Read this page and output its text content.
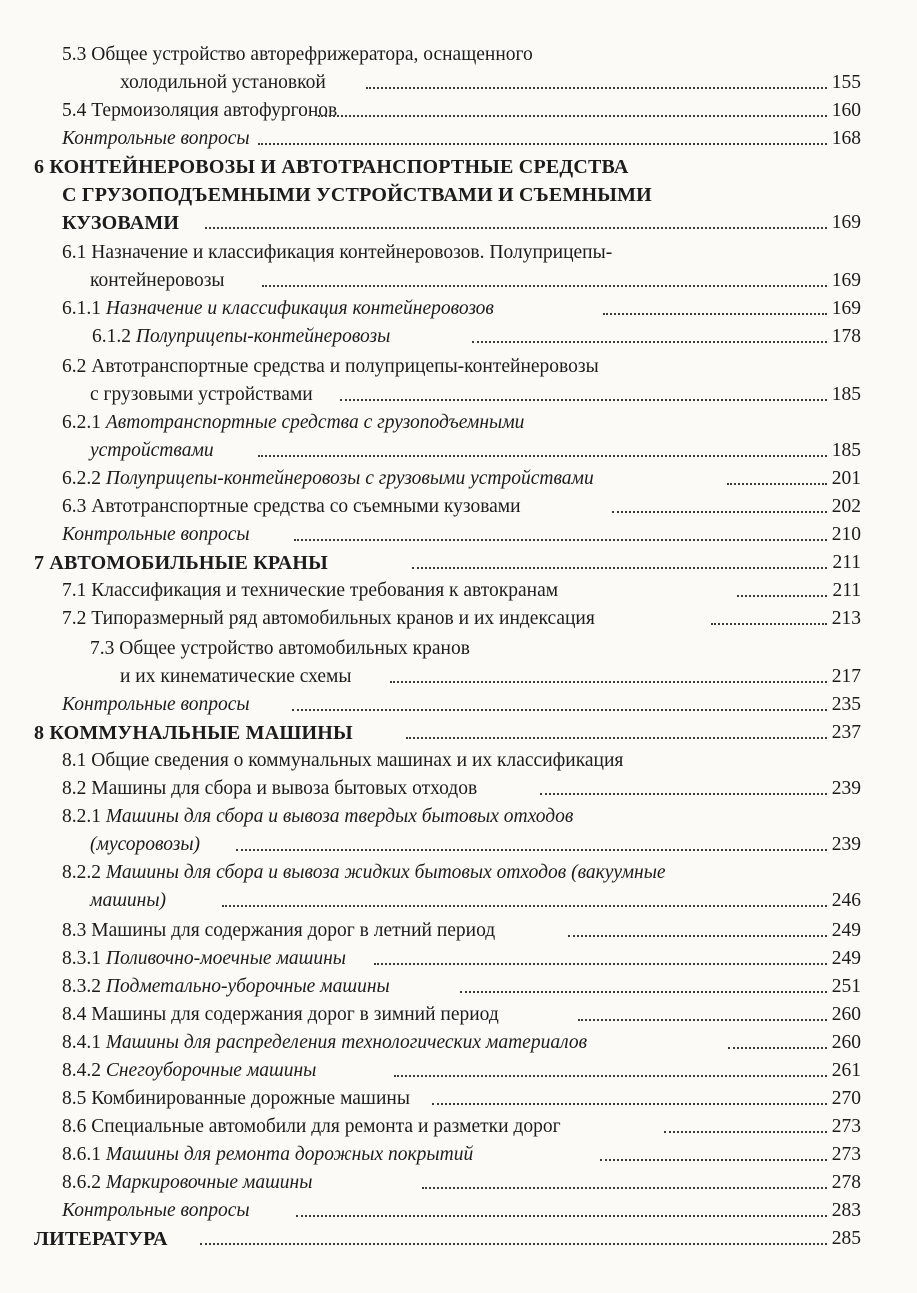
5.3 Общее устройство авторефрижератора, оснащенного
холодильной установкой	155
5.4 Термоизоляция автофургонов	160
Контрольные вопросы	168
6 КОНТЕЙНЕРОВОЗЫ И АВТОТРАНСПОРТНЫЕ СРЕДСТВА
С ГРУЗОПОДЪЕМНЫМИ УСТРОЙСТВАМИ И СЪЕМНЫМИ
КУЗОВАМИ	169
6.1 Назначение и классификация контейнеровозов. Полуприцепы-
контейнеровозы	169
6.1.1 Назначение и классификация контейнеровозов	169
6.1.2 Полуприцепы-контейнеровозы	178
6.2 Автотранспортные средства и полуприцепы-контейнеровозы
с грузовыми устройствами	185
6.2.1 Автотранспортные средства с грузоподъемными
устройствами	185
6.2.2 Полуприцепы-контейнеровозы с грузовыми устройствами	201
6.3 Автотранспортные средства со съемными кузовами	202
Контрольные вопросы	210
7 АВТОМОБИЛЬНЫЕ КРАНЫ	211
7.1 Классификация и технические требования к автокранам	211
7.2 Типоразмерный ряд автомобильных кранов и их индексация	213
7.3 Общее устройство автомобильных кранов
и их кинематические схемы	217
Контрольные вопросы	235
8 КОММУНАЛЬНЫЕ МАШИНЫ	237
8.1 Общие сведения о коммунальных машинах и их классификация
8.2 Машины для сбора и вывоза бытовых отходов	239
8.2.1 Машины для сбора и вывоза твердых бытовых отходов
(мусоровозы)	239
8.2.2 Машины для сбора и вывоза жидких бытовых отходов (вакуумные
машины)	246
8.3 Машины для содержания дорог в летний период	249
8.3.1 Поливочно-моечные машины	249
8.3.2 Подметально-уборочные машины	251
8.4 Машины для содержания дорог в зимний период	260
8.4.1 Машины для распределения технологических материалов	260
8.4.2 Снегоуборочные машины	261
8.5 Комбинированные дорожные машины	270
8.6 Специальные автомобили для ремонта и разметки дорог	273
8.6.1 Машины для ремонта дорожных покрытий	273
8.6.2 Маркировочные машины	278
Контрольные вопросы	283
ЛИТЕРАТУРА	285
